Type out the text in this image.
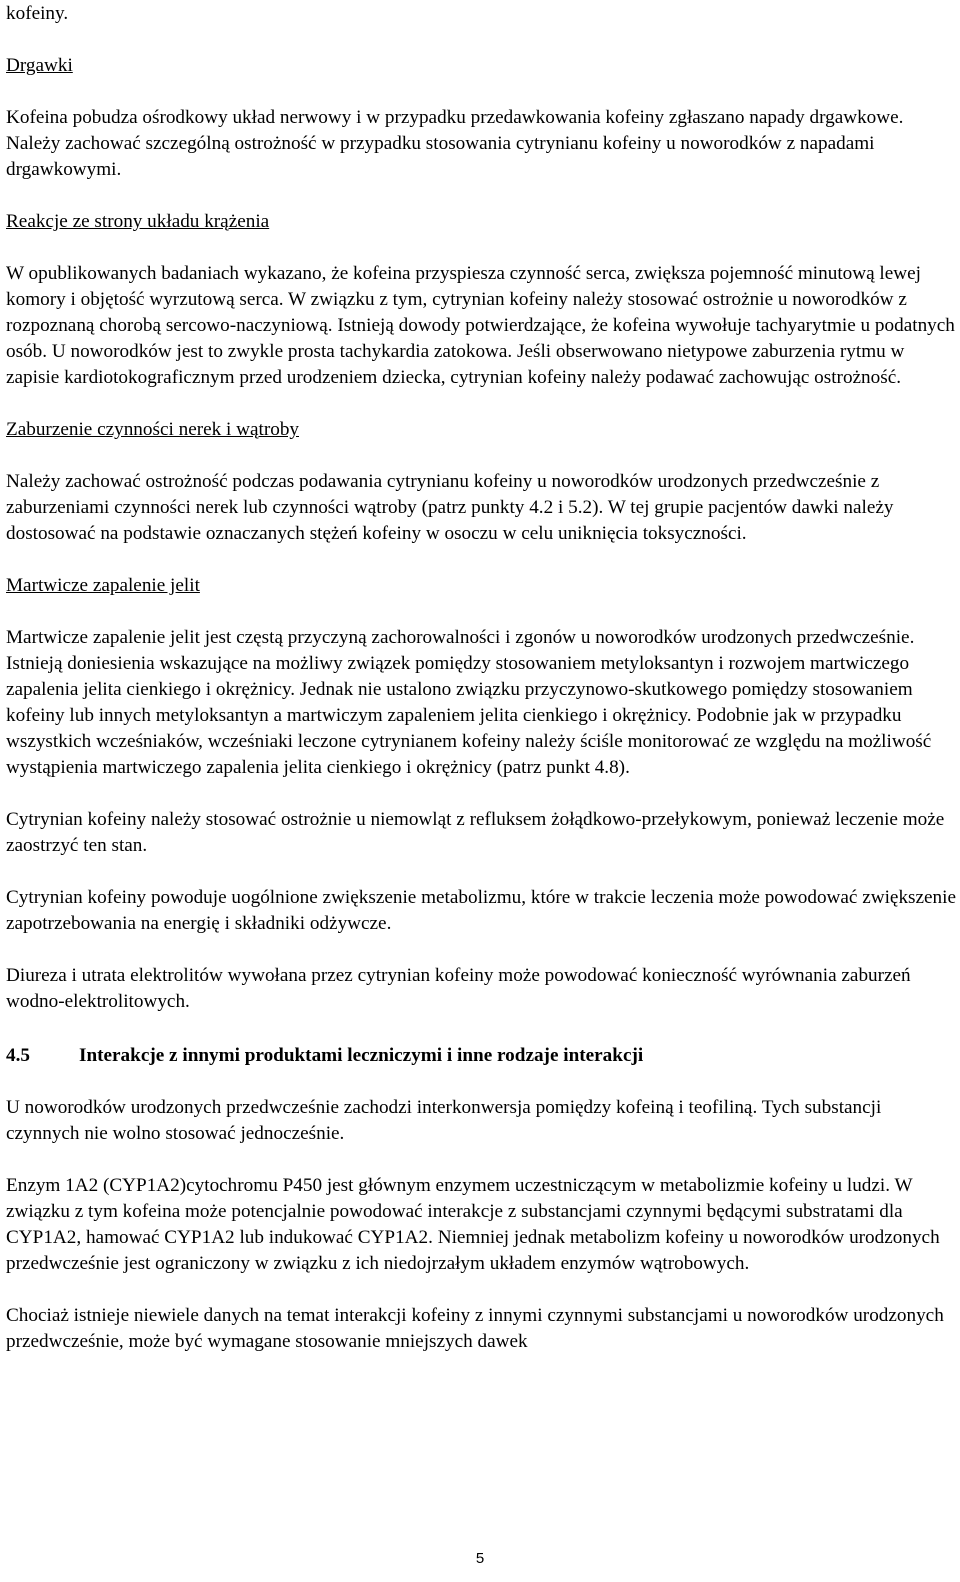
kofeiny.

Drgawki

Kofeina pobudza ośrodkowy układ nerwowy i w przypadku przedawkowania kofeiny zgłaszano napady drgawkowe. Należy zachować szczególną ostrożność w przypadku stosowania cytrynianu kofeiny u noworodków z napadami drgawkowymi.

Reakcje ze strony układu krążenia

W opublikowanych badaniach wykazano, że kofeina przyspiesza czynność serca, zwiększa pojemność minutową lewej komory i objętość wyrzutową serca. W związku z tym, cytrynian kofeiny należy stosować ostrożnie u noworodków z rozpoznaną chorobą sercowo-naczyniową. Istnieją dowody potwierdzające, że kofeina wywołuje tachyarytmie u podatnych osób. U noworodków jest to zwykle prosta tachykardia zatokowa. Jeśli obserwowano nietypowe zaburzenia rytmu w zapisie kardiotokograficznym przed urodzeniem dziecka, cytrynian kofeiny należy podawać zachowując ostrożność.

Zaburzenie czynności nerek i wątroby

Należy zachować ostrożność podczas podawania cytrynianu kofeiny u noworodków urodzonych przedwcześnie z zaburzeniami czynności nerek lub czynności wątroby (patrz punkty 4.2 i 5.2). W tej grupie pacjentów dawki należy dostosować na podstawie oznaczanych stężeń kofeiny w osoczu w celu uniknięcia toksyczności.

Martwicze zapalenie jelit

Martwicze zapalenie jelit jest częstą przyczyną zachorowalności i zgonów u noworodków urodzonych przedwcześnie. Istnieją doniesienia wskazujące na możliwy związek pomiędzy stosowaniem metyloksantyn i rozwojem martwiczego zapalenia jelita cienkiego i okrężnicy. Jednak nie ustalono związku przyczynowo-skutkowego pomiędzy stosowaniem kofeiny lub innych metyloksantyn a martwiczym zapaleniem jelita cienkiego i okrężnicy. Podobnie jak w przypadku wszystkich wcześniaków, wcześniaki leczone cytrynianem kofeiny należy ściśle monitorować ze względu na możliwość wystąpienia martwiczego zapalenia jelita cienkiego i okrężnicy (patrz punkt 4.8).

Cytrynian kofeiny należy stosować ostrożnie u niemowląt z refluksem żołądkowo-przełykowym, ponieważ leczenie może zaostrzyć ten stan.

Cytrynian kofeiny powoduje uogólnione zwiększenie metabolizmu, które w trakcie leczenia może powodować zwiększenie zapotrzebowania na energię i składniki odżywcze.

Diureza i utrata elektrolitów wywołana przez cytrynian kofeiny może powodować konieczność wyrównania zaburzeń wodno-elektrolitowych.

4.5	Interakcje z innymi produktami leczniczymi i inne rodzaje interakcji

U noworodków urodzonych przedwcześnie zachodzi interkonwersja pomiędzy kofeiną i teofiliną. Tych substancji czynnych nie wolno stosować jednocześnie.

Enzym 1A2 (CYP1A2)cytochromu P450 jest głównym enzymem uczestniczącym w metabolizmie kofeiny u ludzi. W związku z tym kofeina może potencjalnie powodować interakcje z substancjami czynnymi będącymi substratami dla CYP1A2, hamować CYP1A2 lub indukować CYP1A2. Niemniej jednak metabolizm kofeiny u noworodków urodzonych przedwcześnie jest ograniczony w związku z ich niedojrzałym układem enzymów wątrobowych.

Chociaż istnieje niewiele danych na temat interakcji kofeiny z innymi czynnymi substancjami u noworodków urodzonych przedwcześnie, może być wymagane stosowanie mniejszych dawek

5
